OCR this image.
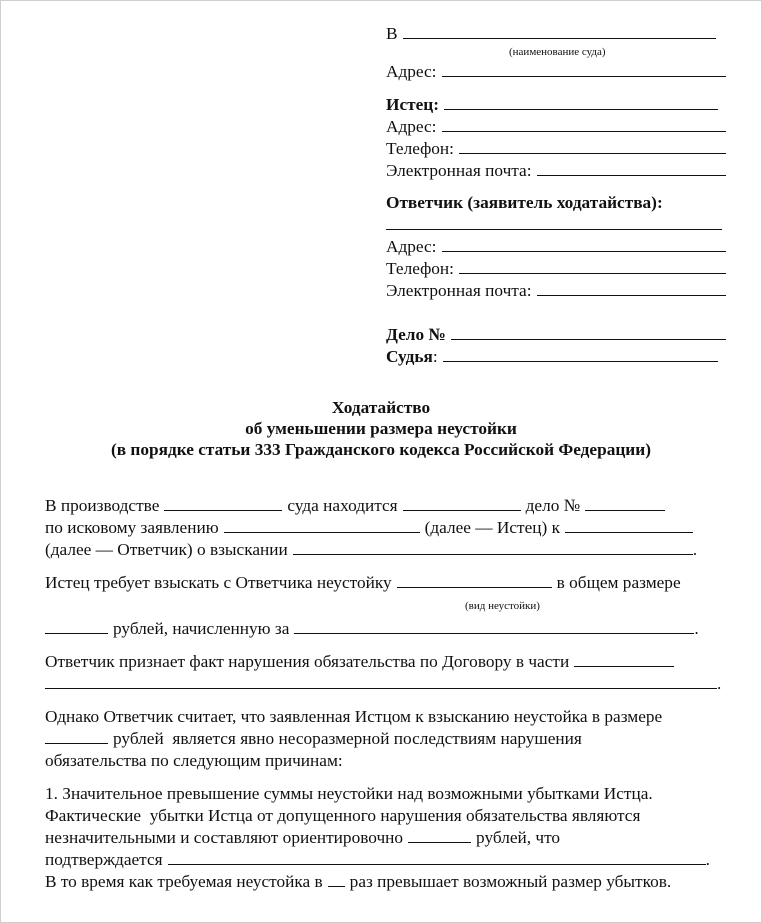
В
(наименование суда)
Адрес:
Истец:
Адрес:
Телефон:
Электронная почта:
Ответчик (заявитель ходатайства):
Адрес:
Телефон:
Электронная почта:
Дело №
Судья :
Ходатайство
об уменьшении размера неустойки
(в порядке статьи 333 Гражданского кодекса Российской Федерации)
В производстве	суда находится	дело №
по исковому заявлению	(далее — Истец) к
(далее — Ответчик) о взыскании	.
Истец требует взыскать с Ответчика неустойку	в общем размере
(вид неустойки)
рублей, начисленную за	.
Ответчик признает факт нарушения обязательства по Договору в части
.
Однако Ответчик считает, что заявленная Истцом к взысканию неустойка в размере
рублей  является явно несоразмерной последствиям нарушения
обязательства по следующим причинам:
1. Значительное превышение суммы неустойки над возможными убытками Истца.
Фактические  убытки Истца от допущенного нарушения обязательства являются
незначительными и составляют ориентировочно	рублей, что
подтверждается	.
В то время как требуемая неустойка в раз превышает возможный размер убытков.
